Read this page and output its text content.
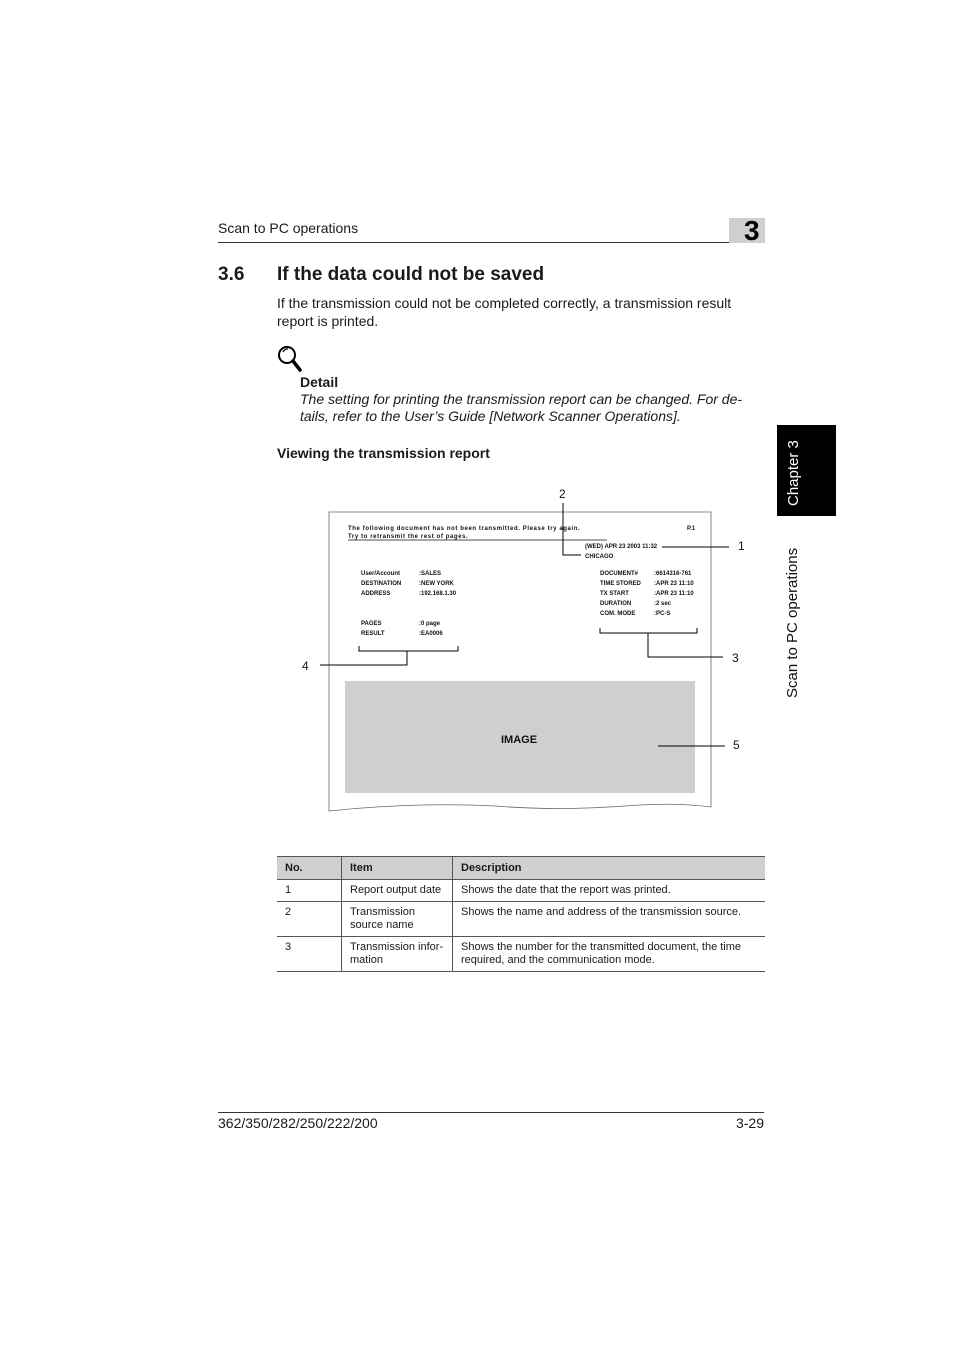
Scan to PC operations	3
Chapter 3
Scan to PC operations
3.6 If the data could not be saved
If the transmission could not be completed correctly, a transmission result report is printed.
Detail
The setting for printing the transmission report can be changed. For de-tails, refer to the User’s Guide [Network Scanner Operations].
Viewing the transmission report
The following document has not been transmitted. Please try again.
Try to retransmit the rest of pages.
P.1
(WED) APR 23 2003 11:32
CHICAGO
User/Account	:SALES
DESTINATION	:NEW YORK
ADDRESS	:192.168.1.30
PAGES	:0 page
RESULT	:EA0006
DOCUMENT#	:6614316-761
TIME STORED :APR 23 11:10
TX START	:APR 23 11:10
DURATION	:2 sec
COM. MODE	:PC-S
IMAGE
1
2
3
4
5
No.	Item	Description
1	Report output date	Shows the date that the report was printed.
2	Transmission source name	Shows the name and address of the transmission source.
3	Transmission infor-mation	Shows the number for the transmitted document, the time required, and the communication mode.
362/350/282/250/222/200	3-29
